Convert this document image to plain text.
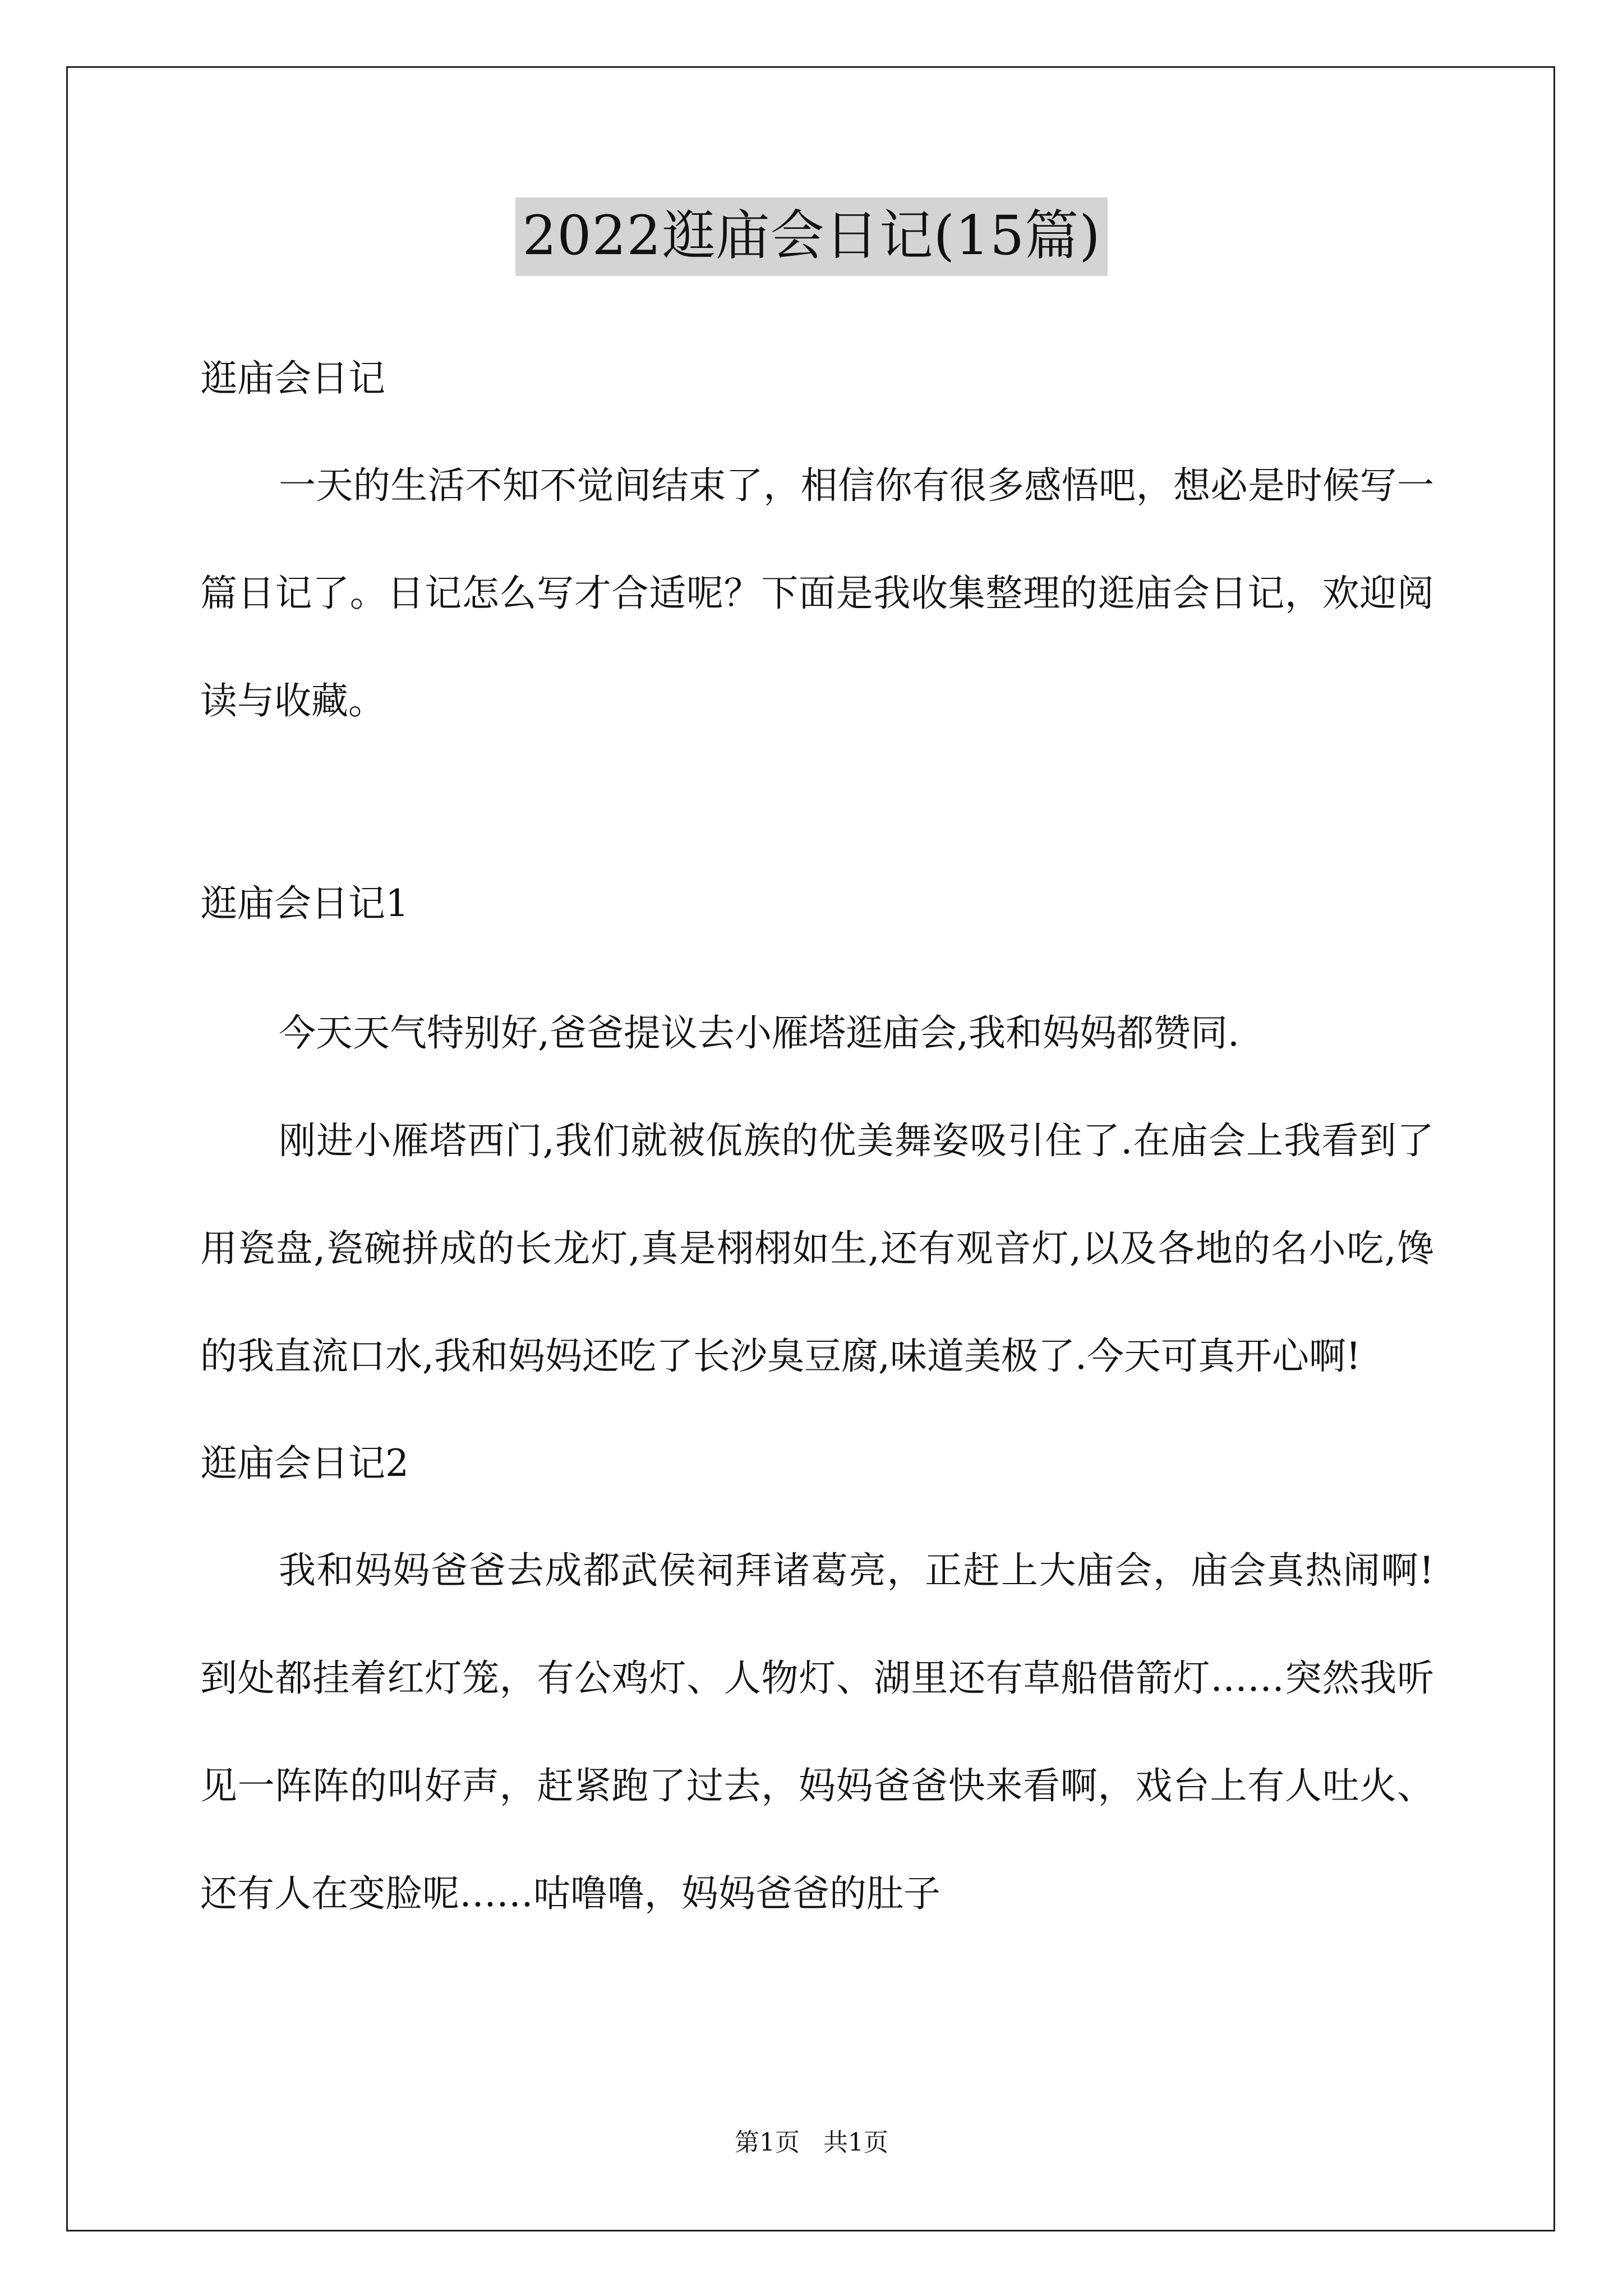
2022逛庙会日记(15篇)

逛庙会日记

一天的生活不知不觉间结束了，相信你有很多感悟吧，想必是时候写一篇日记了。日记怎么写才合适呢？下面是我收集整理的逛庙会日记，欢迎阅读与收藏。

逛庙会日记1

今天天气特别好,爸爸提议去小雁塔逛庙会,我和妈妈都赞同.

刚进小雁塔西门,我们就被佤族的优美舞姿吸引住了.在庙会上我看到了用瓷盘,瓷碗拼成的长龙灯,真是栩栩如生,还有观音灯,以及各地的名小吃,馋的我直流口水,我和妈妈还吃了长沙臭豆腐,味道美极了.今天可真开心啊!

逛庙会日记2

我和妈妈爸爸去成都武侯祠拜诸葛亮，正赶上大庙会，庙会真热闹啊!到处都挂着红灯笼，有公鸡灯、人物灯、湖里还有草船借箭灯……突然我听见一阵阵的叫好声，赶紧跑了过去，妈妈爸爸快来看啊，戏台上有人吐火、还有人在变脸呢……咕噜噜，妈妈爸爸的肚子

第1页 共1页
